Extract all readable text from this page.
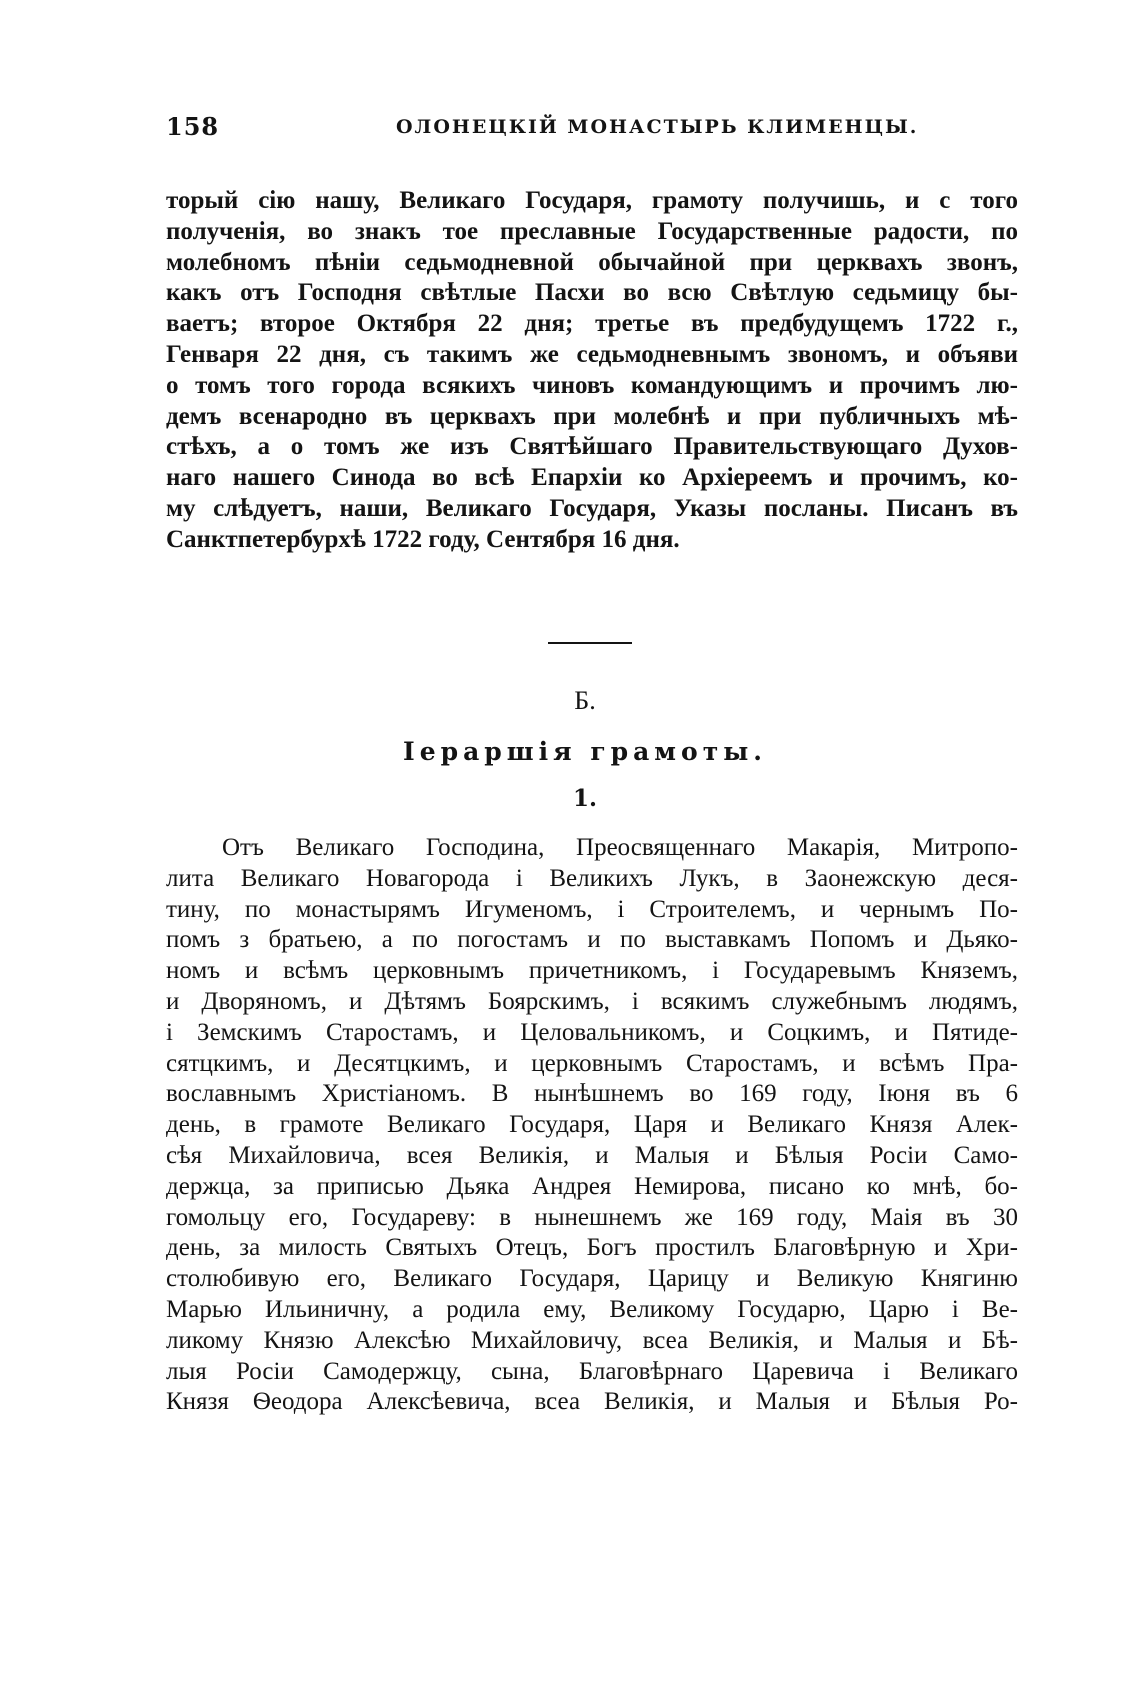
158	ОЛОНЕЦКІЙ МОНАСТЫРЬ КЛИМЕНЦЫ.
торый сію нашу, Великаго Государя, грамоту получишь, и с того
полученія, во знакъ тое преславные Государственные радости, по
молебномъ пѣніи седьмодневной обычайной при церквахъ звонъ,
какъ отъ Господня свѣтлые Пасхи во всю Свѣтлую седьмицу бы-
ваетъ; второе Октября 22 дня; третье въ предбудущемъ 1722 г.,
Генваря 22 дня, съ такимъ же седьмодневнымъ звономъ, и объяви
о томъ того города всякихъ чиновъ командующимъ и прочимъ лю-
демъ всенародно въ церквахъ при молебнѣ и при публичныхъ мѣ-
стѣхъ, а о томъ же изъ Святѣйшаго Правительствующаго Духов-
наго нашего Синода во всѣ Епархіи ко Архіереемъ и прочимъ, ко-
му слѣдуетъ, наши, Великаго Государя, Указы посланы. Писанъ въ
Санктпетербурхѣ 1722 году, Сентября 16 дня.
Б.
Іераршія грамоты.
1.
Отъ Великаго Господина, Преосвященнаго Макарія, Митропо-
лита Великаго Новагорода і Великихъ Лукъ, в Заонежскую деся-
тину, по монастырямъ Игуменомъ, і Строителемъ, и чернымъ По-
помъ з братьею, а по погостамъ и по выставкамъ Попомъ и Дьяко-
номъ и всѣмъ церковнымъ причетникомъ, і Государевымъ Княземъ,
и Дворяномъ, и Дѣтямъ Боярскимъ, і всякимъ служебнымъ людямъ,
і Земскимъ Старостамъ, и Целовальникомъ, и Соцкимъ, и Пятиде-
сятцкимъ, и Десятцкимъ, и церковнымъ Старостамъ, и всѣмъ Пра-
вославнымъ Христіаномъ. В нынѣшнемъ во 169 году, Іюня въ 6
день, в грамоте Великаго Государя, Царя и Великаго Князя Алек-
сѣя Михайловича, всея Великія, и Малыя и Бѣлыя Росіи Само-
держца, за приписью Дьяка Андрея Немирова, писано ко мнѣ, бо-
гомольцу его, Государеву: в нынешнемъ же 169 году, Маія въ 30
день, за милость Святыхъ Отецъ, Богъ простилъ Благовѣрную и Хри-
столюбивую его, Великаго Государя, Царицу и Великую Княгиню
Марью Ильиничну, а родила ему, Великому Государю, Царю і Ве-
ликому Князю Алексѣю Михайловичу, всеа Великія, и Малыя и Бѣ-
лыя Росіи Самодержцу, сына, Благовѣрнаго Царевича і Великаго
Князя Ѳеодора Алексѣевича, всеа Великія, и Малыя и Бѣлыя Ро-
